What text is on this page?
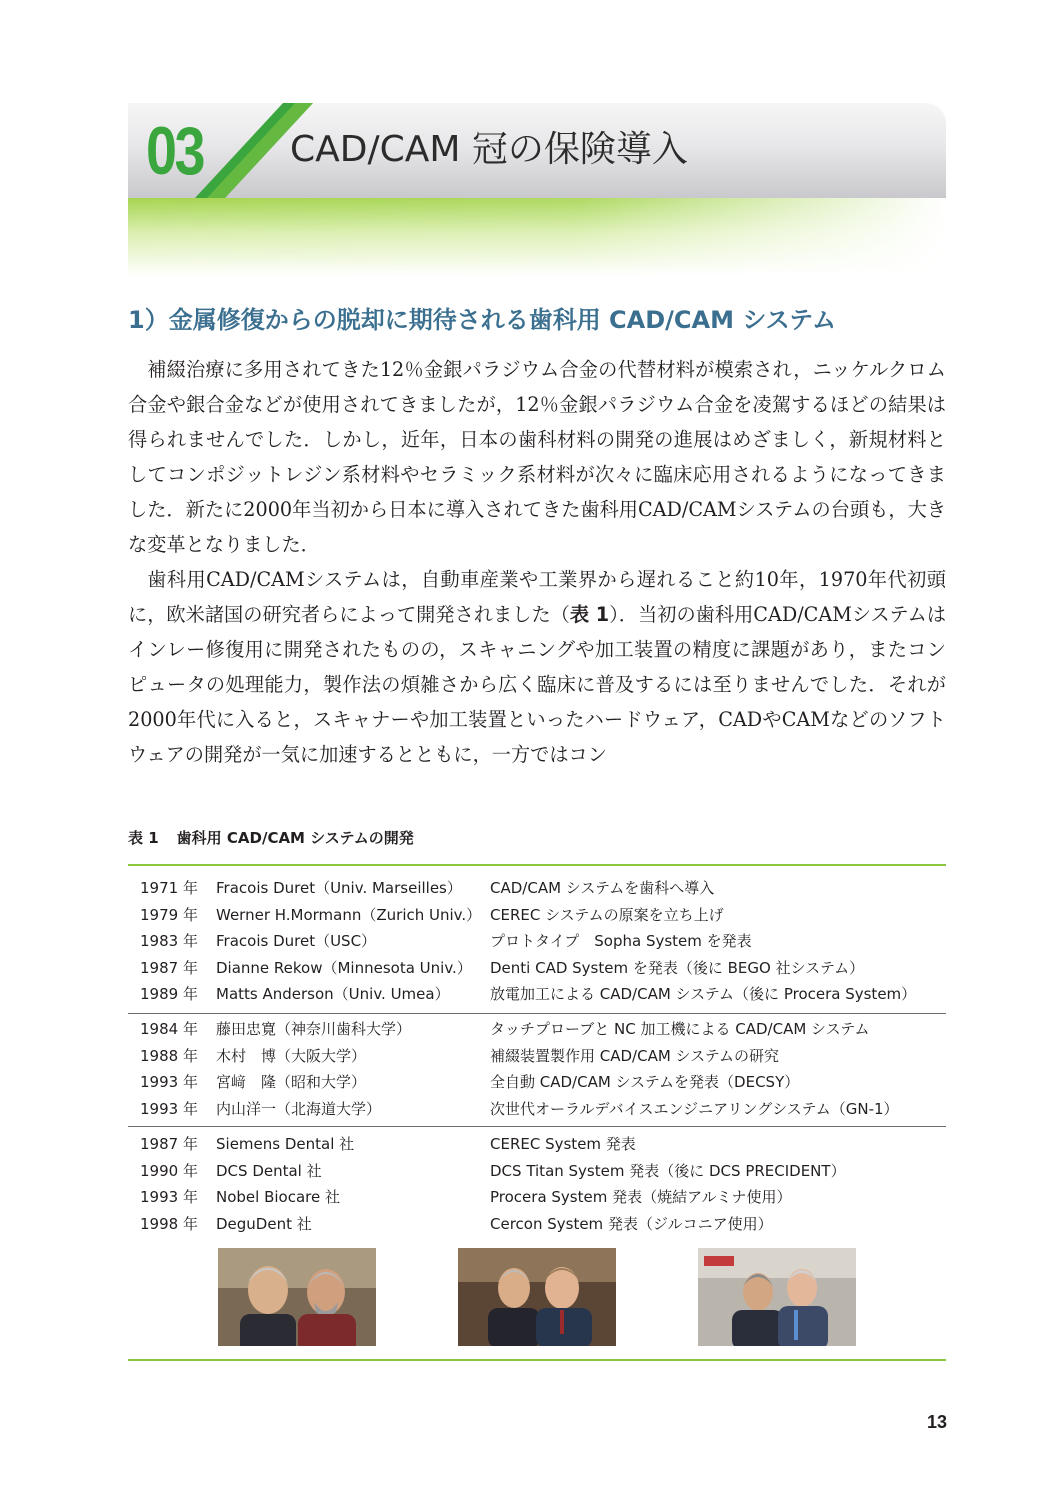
03 CAD/CAM 冠の保険導入
1）金属修復からの脱却に期待される歯科用 CAD/CAM システム

補綴治療に多用されてきた12％金銀パラジウム合金の代替材料が模索され，ニッケルクロム合金や銀合金などが使用されてきましたが，12％金銀パラジウム合金を凌駕するほどの結果は得られませんでした．しかし，近年，日本の歯科材料の開発の進展はめざましく，新規材料としてコンポジットレジン系材料やセラミック系材料が次々に臨床応用されるようになってきました．新たに2000年当初から日本に導入されてきた歯科用CAD/CAMシステムの台頭も，大きな変革となりました．

歯科用CAD/CAMシステムは，自動車産業や工業界から遅れること約10年，1970年代初頭に，欧米諸国の研究者らによって開発されました（表 1）．当初の歯科用CAD/CAMシステムはインレー修復用に開発されたものの，スキャニングや加工装置の精度に課題があり，またコンピュータの処理能力，製作法の煩雑さから広く臨床に普及するには至りませんでした．それが2000年代に入ると，スキャナーや加工装置といったハードウェア，CADやCAMなどのソフトウェアの開発が一気に加速するとともに，一方ではコン

表 1 歯科用 CAD/CAM システムの開発
1971 年 Fracois Duret（Univ. Marseilles） CAD/CAM システムを歯科へ導入
1979 年 Werner H.Mormann（Zurich Univ.） CEREC システムの原案を立ち上げ
1983 年 Fracois Duret（USC）	プロトタイプ　Sopha System を発表
1987 年 Dianne Rekow（Minnesota Univ.） Denti CAD System を発表（後に BEGO 社システム）
1989 年 Matts Anderson（Univ. Umea）	放電加工による CAD/CAM システム（後に Procera System）
1984 年 藤田忠寛（神奈川歯科大学）	タッチプローブと NC 加工機による CAD/CAM システム
1988 年 木村　博（大阪大学）	補綴装置製作用 CAD/CAM システムの研究
1993 年 宮﨑　隆（昭和大学）	全自動 CAD/CAM システムを発表（DECSY）
1993 年 内山洋一（北海道大学）	次世代オーラルデバイスエンジニアリングシステム（GN-1）
1987 年 Siemens Dental 社	CEREC System 発表
1990 年 DCS Dental 社	DCS Titan System 発表（後に DCS PRECIDENT）
1993 年 Nobel Biocare 社	Procera System 発表（焼結アルミナ使用）
1998 年 DeguDent 社	Cercon System 発表（ジルコニア使用）
13
